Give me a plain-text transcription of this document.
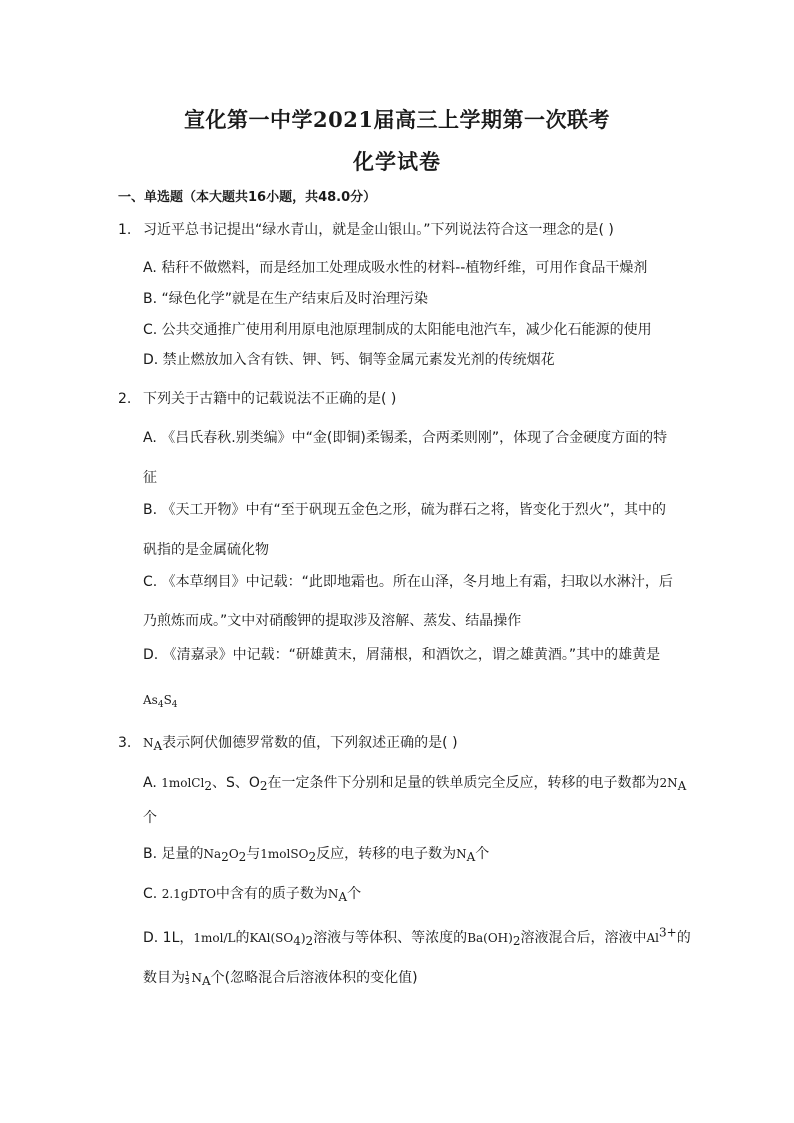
宣化第一中学2021届高三上学期第一次联考
化学试卷
一、单选题（本大题共16小题，共48.0分）
1. 习近平总书记提出“绿水青山，就是金山银山。”下列说法符合这一理念的是( )
A. 秸秆不做燃料，而是经加工处理成吸水性的材料--植物纤维，可用作食品干燥剂
B. “绿色化学”就是在生产结束后及时治理污染
C. 公共交通推广使用利用原电池原理制成的太阳能电池汽车，减少化石能源的使用
D. 禁止燃放加入含有铁、钾、钙、铜等金属元素发光剂的传统烟花
2. 下列关于古籍中的记载说法不正确的是( )
A. 《吕氏春秋.别类编》中“金(即铜)柔锡柔，合两柔则刚”，体现了合金硬度方面的特
征
B. 《天工开物》中有“至于矾现五金色之形，硫为群石之将，皆变化于烈火”，其中的
矾指的是金属硫化物
C. 《本草纲目》中记载：“此即地霜也。所在山泽，冬月地上有霜，扫取以水淋汁，后
乃煎炼而成。”文中对硝酸钾的提取涉及溶解、蒸发、结晶操作
D. 《清嘉录》中记载：“研雄黄末，屑蒲根，和酒饮之，谓之雄黄酒。”其中的雄黄是
$As_4S_4$
3. $N_A$表示阿伏伽德罗常数的值，下列叙述正确的是( )
A. 1molCl$_2$、S、$O_2$在一定条件下分别和足量的铁单质完全反应，转移的电子数都为$2N_A$
个
B. 足量的$Na_2O_2$与1molSO$_2$反应，转移的电子数为$N_A$个
C. 2.1gDTO中含有的质子数为$N_A$个
D. 1L，1mol/L的$KAl(SO_4)_2$溶液与等体积、等浓度的$Ba(OH)_2$溶液混合后，溶液中$Al^{3+}$的
数目为 $\frac{1}{3} N_A$个(忽略混合后溶液体积的变化值)
